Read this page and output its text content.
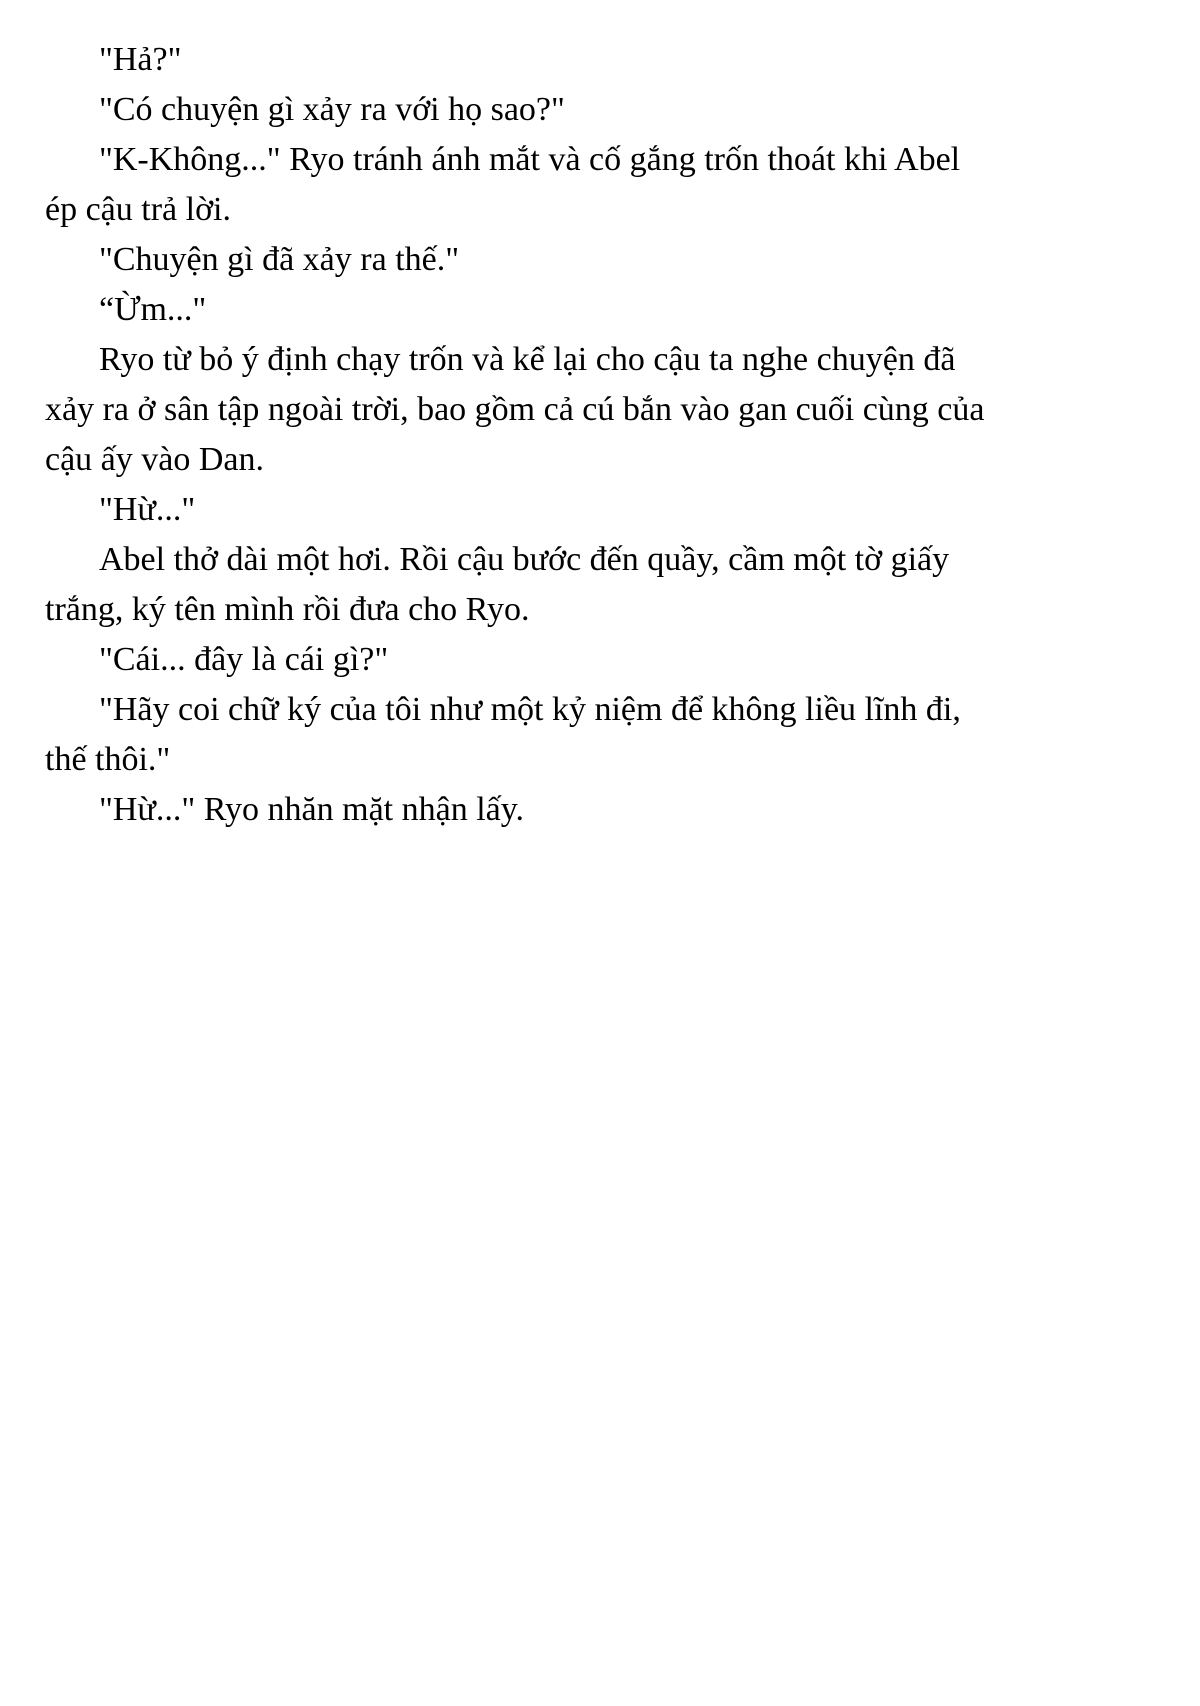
"Hả?"
"Có chuyện gì xảy ra với họ sao?"
"K-Không..." Ryo tránh ánh mắt và cố gắng trốn thoát khi Abel
ép cậu trả lời.
"Chuyện gì đã xảy ra thế."
“Ừm..."
Ryo từ bỏ ý định chạy trốn và kể lại cho cậu ta nghe chuyện đã
xảy ra ở sân tập ngoài trời, bao gồm cả cú bắn vào gan cuối cùng của
cậu ấy vào Dan.
"Hừ..."
Abel thở dài một hơi. Rồi cậu bước đến quầy, cầm một tờ giấy
trắng, ký tên mình rồi đưa cho Ryo.
"Cái... đây là cái gì?"
"Hãy coi chữ ký của tôi như một kỷ niệm để không liều lĩnh đi,
thế thôi."
"Hừ..." Ryo nhăn mặt nhận lấy.
